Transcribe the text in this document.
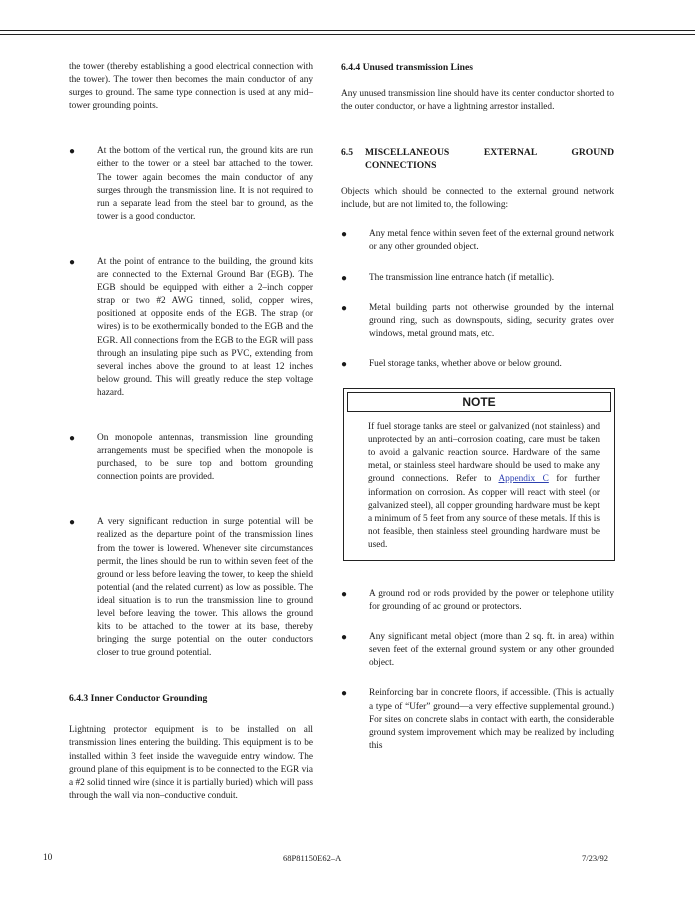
the tower (thereby establishing a good electrical connection with the tower). The tower then becomes the main conductor of any surges to ground. The same type connection is used at any mid–tower grounding points.

● At the bottom of the vertical run, the ground kits are run either to the tower or a steel bar attached to the tower. The tower again becomes the main conductor of any surges through the transmission line. It is not required to run a separate lead from the steel bar to ground, as the tower is a good conductor.

● At the point of entrance to the building, the ground kits are connected to the External Ground Bar (EGB). The EGB should be equipped with either a 2–inch copper strap or two #2 AWG tinned, solid, copper wires, positioned at opposite ends of the EGB. The strap (or wires) is to be exothermically bonded to the EGB and the EGR. All connections from the EGB to the EGR will pass through an insulating pipe such as PVC, extending from several inches above the ground to at least 12 inches below ground. This will greatly reduce the step voltage hazard.

● On monopole antennas, transmission line grounding arrangements must be specified when the monopole is purchased, to be sure top and bottom grounding connection points are provided.

● A very significant reduction in surge potential will be realized as the departure point of the transmission lines from the tower is lowered. Whenever site circumstances permit, the lines should be run to within seven feet of the ground or less before leaving the tower, to keep the shield potential (and the related current) as low as possible. The ideal situation is to run the transmission line to ground level before leaving the tower. This allows the ground kits to be attached to the tower at its base, thereby bringing the surge potential on the outer conductors closer to true ground potential.

6.4.3 Inner Conductor Grounding

Lightning protector equipment is to be installed on all transmission lines entering the building. This equipment is to be installed within 3 feet inside the waveguide entry window. The ground plane of this equipment is to be connected to the EGR via a #2 solid tinned wire (since it is partially buried) which will pass through the wall via non–conductive conduit.

6.4.4 Unused transmission Lines

Any unused transmission line should have its center conductor shorted to the outer conductor, or have a lightning arrestor installed.

6.5	MISCELLANEOUS EXTERNAL GROUND CONNECTIONS

Objects which should be connected to the external ground network include, but are not limited to, the following:

● Any metal fence within seven feet of the external ground network or any other grounded object.

● The transmission line entrance hatch (if metallic).

● Metal building parts not otherwise grounded by the internal ground ring, such as downspouts, siding, security grates over windows, metal ground mats, etc.

● Fuel storage tanks, whether above or below ground.

NOTE
If fuel storage tanks are steel or galvanized (not stainless) and unprotected by an anti–corrosion coating, care must be taken to avoid a galvanic reaction source. Hardware of the same metal, or stainless steel hardware should be used to make any ground connections. Refer to Appendix C for further information on corrosion. As copper will react with steel (or galvanized steel), all copper grounding hardware must be kept a minimum of 5 feet from any source of these metals. If this is not feasible, then stainless steel grounding hardware must be used.
● A ground rod or rods provided by the power or telephone utility for grounding of ac ground or protectors.

● Any significant metal object (more than 2 sq. ft. in area) within seven feet of the external ground system or any other grounded object.

● Reinforcing bar in concrete floors, if accessible. (This is actually a type of “Ufer” ground—a very effective supplemental ground.) For sites on concrete slabs in contact with earth, the considerable ground system improvement which may be realized by including this

10	68P81150E62–A	7/23/92
